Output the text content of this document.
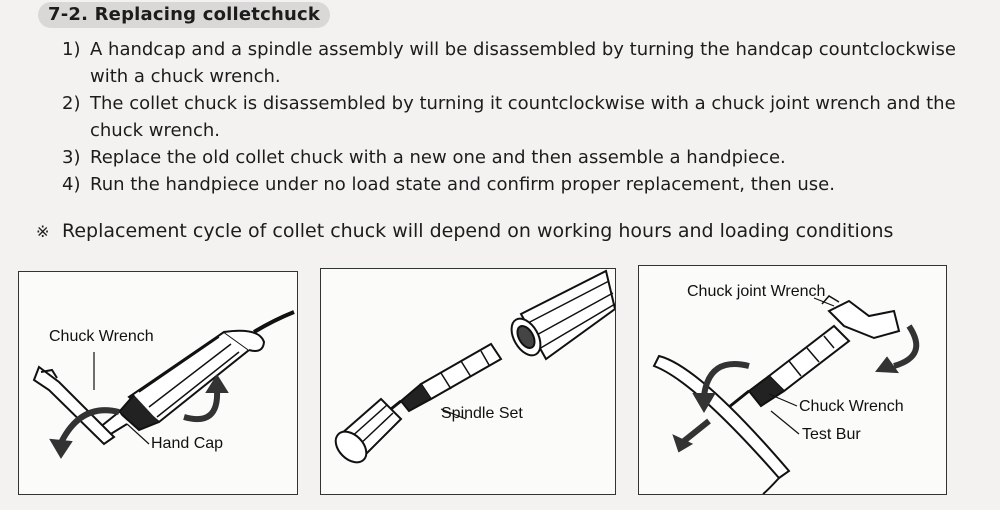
7-2. Replacing colletchuck
1) A handcap and a spindle assembly will be disassembled by turning the handcap countclockwise with a chuck wrench.
2) The collet chuck is disassembled by turning it countclockwise with a chuck joint wrench and the chuck wrench.
3) Replace the old collet chuck with a new one and then assemble a handpiece.
4) Run the handpiece under no load state and confirm proper replacement, then use.
※ Replacement cycle of collet chuck will depend on working hours and loading conditions
Chuck Wrench
Hand Cap
Spindle Set
Chuck joint Wrench
Chuck Wrench
Test Bur
